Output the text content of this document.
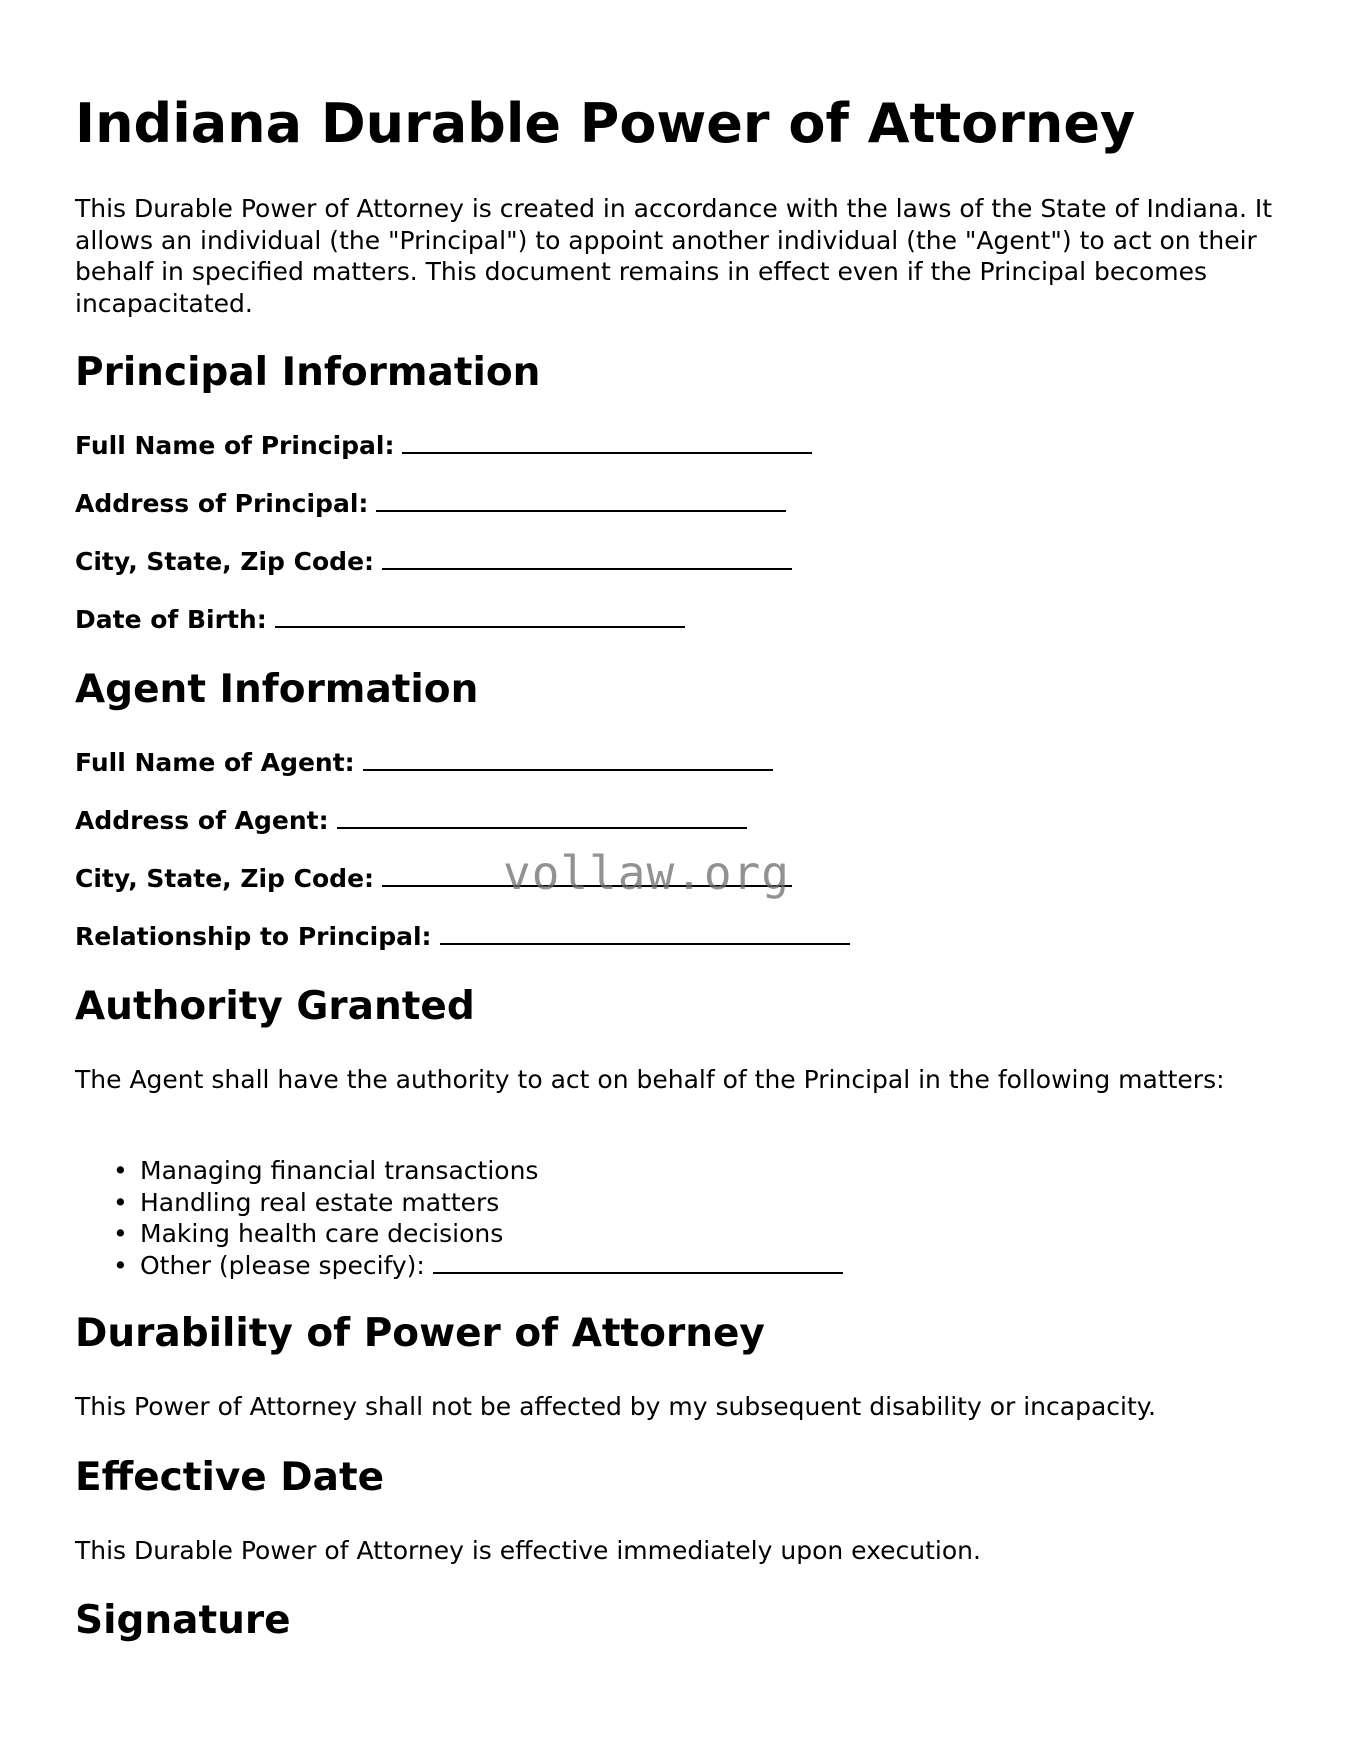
Indiana Durable Power of Attorney

This Durable Power of Attorney is created in accordance with the laws of the State of Indiana. It allows an individual (the "Principal") to appoint another individual (the "Agent") to act on their behalf in specified matters. This document remains in effect even if the Principal becomes incapacitated.

Principal Information
Full Name of Principal:
Address of Principal:
City, State, Zip Code:
Date of Birth:
Agent Information
Full Name of Agent:
Address of Agent:
City, State, Zip Code:
Relationship to Principal:
Authority Granted

The Agent shall have the authority to act on behalf of the Principal in the following matters:

• Managing financial transactions
• Handling real estate matters
• Making health care decisions
• Other (please specify):
Durability of Power of Attorney

This Power of Attorney shall not be affected by my subsequent disability or incapacity.

Effective Date

This Durable Power of Attorney is effective immediately upon execution.

Signature
vollaw.org
